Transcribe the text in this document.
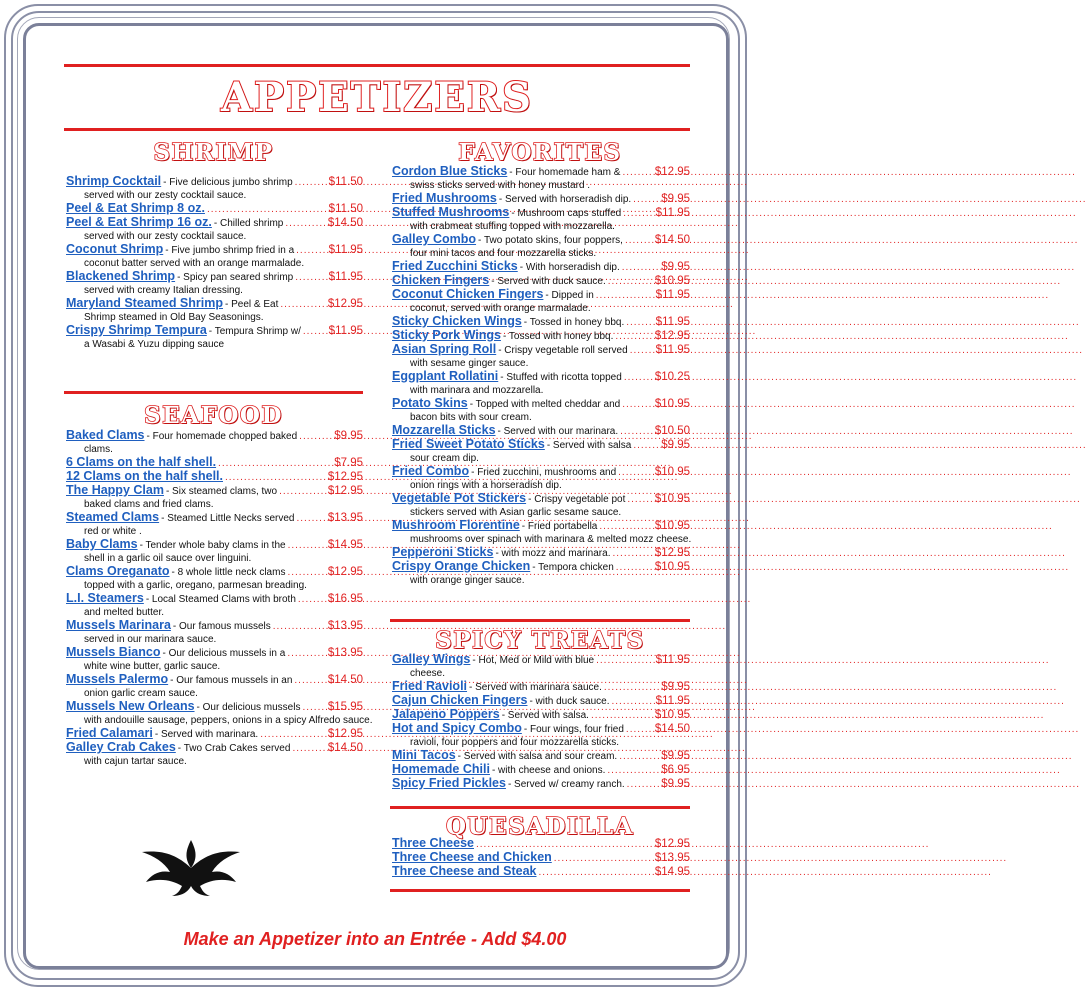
APPETIZERS
SHRIMP
Shrimp Cocktail - Five delicious jumbo shrimp .....	$11.50
served with our zesty cocktail sauce.
Peel & Eat Shrimp 8 oz. .....	$11.50
Peel & Eat Shrimp 16 oz. - Chilled shrimp .....	$14.50
served with our zesty cocktail sauce.
Coconut Shrimp - Five jumbo shrimp fried in a .....	$11.95
coconut batter served with an orange marmalade.
Blackened Shrimp - Spicy pan seared shrimp .....	$11.95
served with creamy Italian dressing.
Maryland Steamed Shrimp - Peel & Eat .....	$12.95
Shrimp steamed in Old Bay Seasonings.
Crispy Shrimp Tempura - Tempura Shrimp w/ ..... $11.95
a Wasabi & Yuzu dipping sauce
SEAFOOD
Baked Clams - Four homemade chopped baked .....	$9.95
clams.
6 Clams on the half shell. .....	$7.95
12 Clams on the half shell. .....	$12.95
The Happy Clam - Six steamed clams, two .....	$12.95
baked clams and fried clams.
Steamed Clams - Steamed Little Necks served .....	$13.95
red or white .
Baby Clams - Tender whole baby clams in the .....	$14.95
shell in a garlic oil sauce over linguini.
Clams Oreganato - 8 whole little neck clams .....	$12.95
topped with a garlic, oregano, parmesan breading.
L.I. Steamers - Local Steamed Clams with broth .....	$16.95
and melted butter.
Mussels Marinara - Our famous mussels .....	$13.95
served in our marinara sauce.
Mussels Bianco - Our delicious mussels in a .....	$13.95
white wine butter, garlic sauce.
Mussels Palermo - Our famous mussels in an .....	$14.50
onion garlic cream sauce.
Mussels New Orleans - Our delicious mussels ..... $15.95
with andouille sausage, peppers, onions in a spicy Alfredo sauce.
Fried Calamari - Served with marinara. .....	$12.95
Galley Crab Cakes - Two Crab Cakes served .....	$14.50
with cajun tartar sauce.
FAVORITES
Cordon Blue Sticks - Four homemade ham & .....	$12.95
swiss sticks served with honey mustard .
Fried Mushrooms - Served with horseradish dip. .....	$9.95
Stuffed Mushrooms - Mushroom caps stuffed .....	$11.95
with crabmeat stuffing topped with mozzarella.
Galley Combo - Two potato skins, four poppers, .....	$14.50
four mini tacos and four mozzarella sticks.
Fried Zucchini Sticks - With horseradish dip. .....	$9.95
Chicken Fingers - Served with duck sauce. .....	$10.95
Coconut Chicken Fingers - Dipped in .....	$11.95
coconut, served with orange marmalade.
Sticky Chicken Wings - Tossed in honey bbq. .....	$11.95
Sticky Pork Wings - Tossed with honey bbq. .....	$12.95
Asian Spring Roll - Crispy vegetable roll served ..... $11.95
with sesame ginger sauce.
Eggplant Rollatini - Stuffed with ricotta topped .....	$10.25
with marinara and mozzarella.
Potato Skins - Topped with melted cheddar and .....	$10.95
bacon bits with sour cream.
Mozzarella Sticks - Served with our marinara. .....	$10.50
Fried Sweet Potato Sticks - Served with salsa .....	$9.95
sour cream dip.
Fried Combo - Fried zucchini, mushrooms and .....	$10.95
onion rings with a horseradish dip.
Vegetable Pot Stickers - Crispy vegetable pot .....	$10.95
stickers served with Asian garlic sesame sauce.
Mushroom Florentine - Fried portabella .....	$10.95
mushrooms over spinach with marinara & melted mozz cheese.
Pepperoni Sticks - with mozz and marinara. .....	$12.95
Crispy Orange Chicken - Tempora chicken .....	$10.95
with orange ginger sauce.
SPICY TREATS
Galley Wings - Hot, Med or Mild with blue .....	$11.95
cheese.
Fried Ravioli - Served with marinara sauce. .....	$9.95
Cajun Chicken Fingers - with duck sauce. .....	$11.95
Jalapeno Poppers - Served with salsa. .....	$10.95
Hot and Spicy Combo - Four wings, four fried .....	$14.50
ravioli, four poppers and four mozzarella sticks.
Mini Tacos - Served with salsa and sour cream. .....	$9.95
Homemade Chili - with cheese and onions. .....	$6.95
Spicy Fried Pickles - Served w/ creamy ranch. .....	$9.95
QUESADILLA
Three Cheese .....	$12.95
Three Cheese and Chicken .....	$13.95
Three Cheese and Steak .....	$14.95
Make an Appetizer into an Entrée - Add $4.00
